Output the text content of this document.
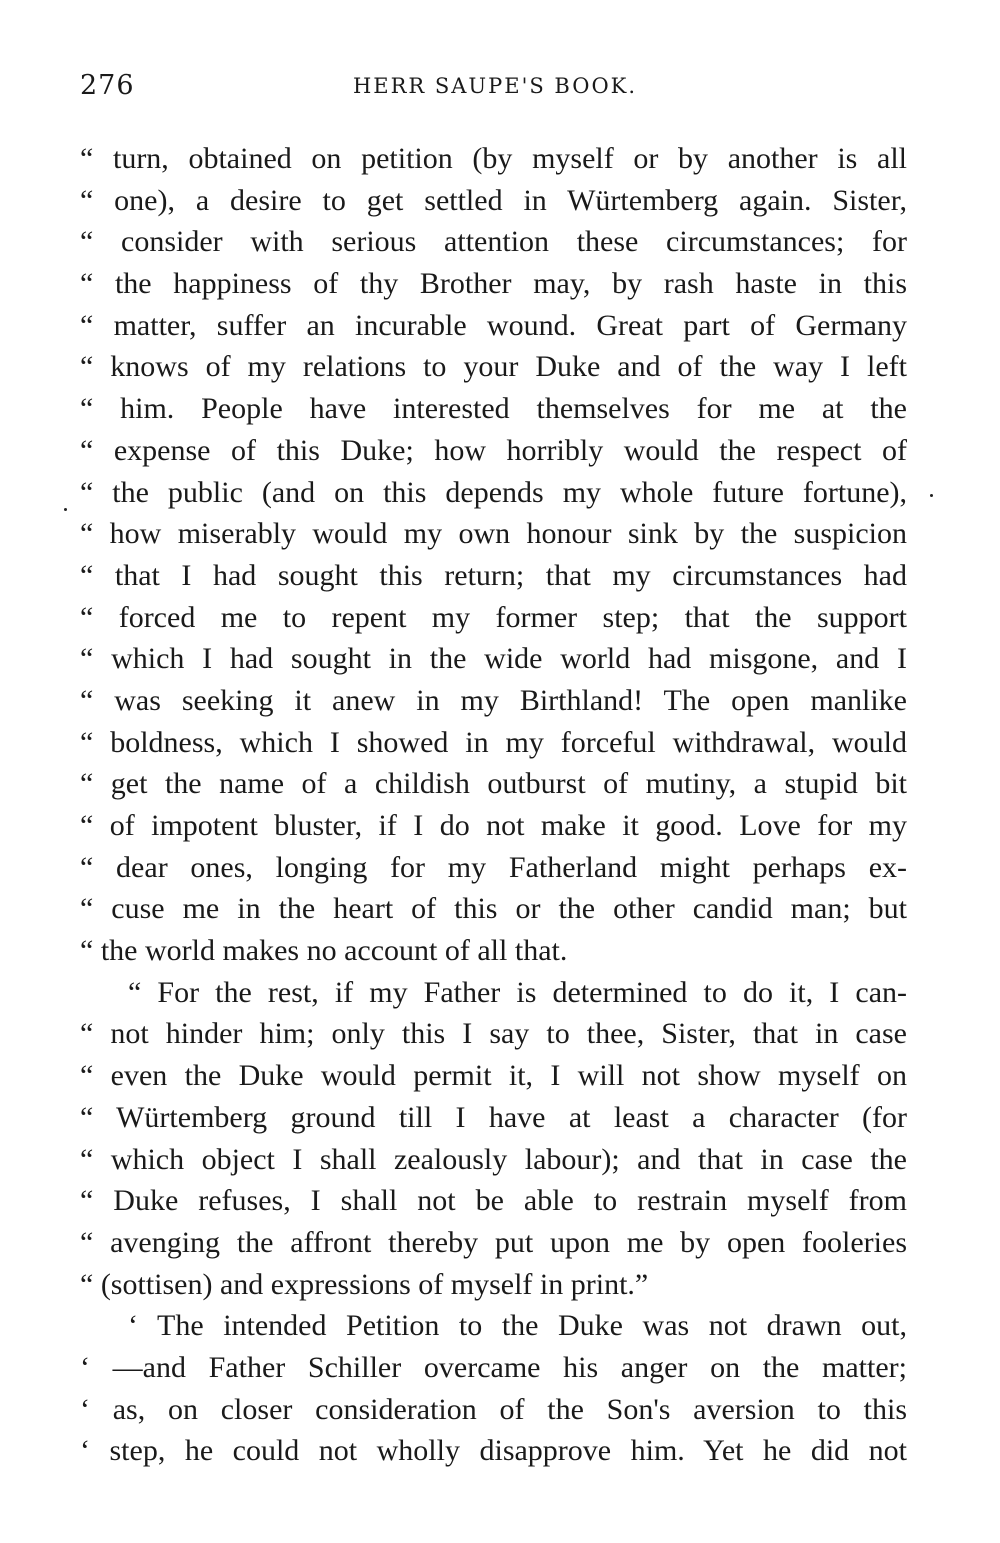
276	HERR SAUPE'S BOOK.
“ turn, obtained on petition (by myself or by another is all
“ one), a desire to get settled in Würtemberg again. Sister,
“ consider with serious attention these circumstances; for
“ the happiness of thy Brother may, by rash haste in this
“ matter, suffer an incurable wound. Great part of Germany
“ knows of my relations to your Duke and of the way I left
“ him. People have interested themselves for me at the
“ expense of this Duke; how horribly would the respect of
“ the public (and on this depends my whole future fortune),
“ how miserably would my own honour sink by the suspicion
“ that I had sought this return; that my circumstances had
“ forced me to repent my former step; that the support
“ which I had sought in the wide world had misgone, and I
“ was seeking it anew in my Birthland! The open manlike
“ boldness, which I showed in my forceful withdrawal, would
“ get the name of a childish outburst of mutiny, a stupid bit
“ of impotent bluster, if I do not make it good. Love for my
“ dear ones, longing for my Fatherland might perhaps ex-
“ cuse me in the heart of this or the other candid man; but
“ the world makes no account of all that.
“ For the rest, if my Father is determined to do it, I can-
“ not hinder him; only this I say to thee, Sister, that in case
“ even the Duke would permit it, I will not show myself on
“ Würtemberg ground till I have at least a character (for
“ which object I shall zealously labour); and that in case the
“ Duke refuses, I shall not be able to restrain myself from
“ avenging the affront thereby put upon me by open fooleries
“ (sottisen) and expressions of myself in print.”
‘ The intended Petition to the Duke was not drawn out,
‘ —and Father Schiller overcame his anger on the matter;
‘ as, on closer consideration of the Son's aversion to this
‘ step, he could not wholly disapprove him. Yet he did not
